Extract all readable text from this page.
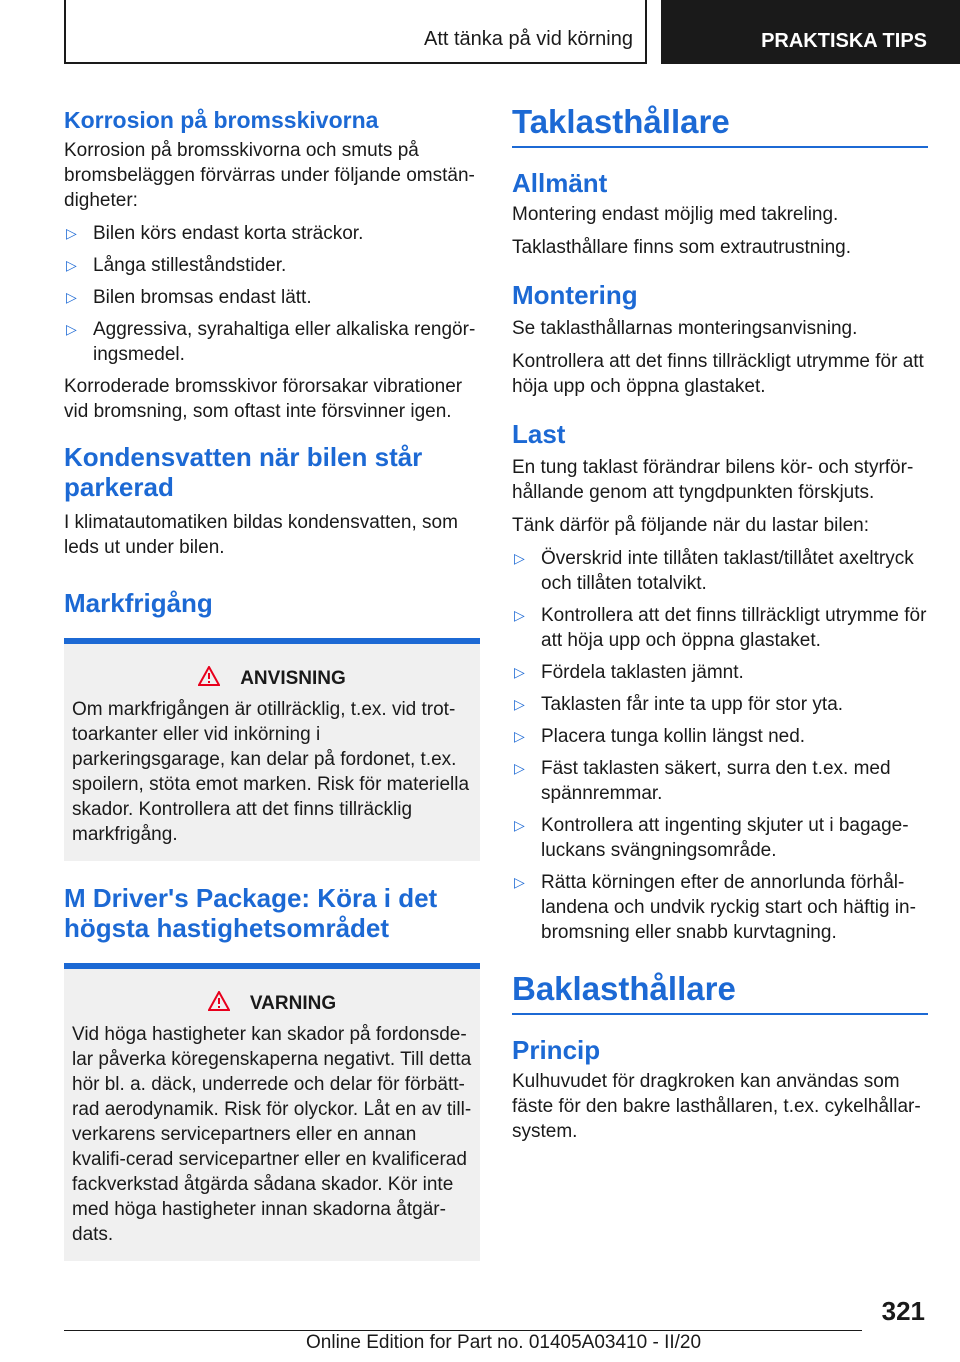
Att tänka på vid körning	PRAKTISKA TIPS
Korrosion på bromsskivorna

Korrosion på bromsskivorna och smuts på bromsbeläggen förvärras under följande omstän-digheter:

▷ Bilen körs endast korta sträckor.
▷ Långa stilleståndstider.
▷ Bilen bromsas endast lätt.
▷ Aggressiva, syrahaltiga eller alkaliska rengör-ingsmedel.

Korroderade bromsskivor förorsakar vibrationer vid bromsning, som oftast inte försvinner igen.

Kondensvatten när bilen står parkerad

I klimatautomatiken bildas kondensvatten, som leds ut under bilen.

Markfrigång
ANVISNING

Om markfrigången är otillräcklig, t.ex. vid trot-toarkanter eller vid inkörning i parkeringsgarage, kan delar på fordonet, t.ex. spoilern, stöta emot marken. Risk för materiella skador. Kontrollera att det finns tillräcklig markfrigång.

M Driver's Package: Köra i det högsta hastighetsområdet
VARNING

Vid höga hastigheter kan skador på fordonsde-lar påverka köregenskaperna negativt. Till detta hör bl. a. däck, underrede och delar för förbätt-rad aerodynamik. Risk för olyckor. Låt en av till-verkarens servicepartners eller en annan kvalifi-cerad servicepartner eller en kvalificerad fackverkstad åtgärda sådana skador. Kör inte med höga hastigheter innan skadorna åtgär-dats.

Taklasthållare
Allmänt

Montering endast möjlig med takreling.

Taklasthållare finns som extrautrustning.

Montering

Se taklasthållarnas monteringsanvisning.

Kontrollera att det finns tillräckligt utrymme för att höja upp och öppna glastaket.

Last

En tung taklast förändrar bilens kör- och styrför-hållande genom att tyngdpunkten förskjuts.

Tänk därför på följande när du lastar bilen:

▷ Överskrid inte tillåten taklast/tillåtet axeltryck och tillåten totalvikt.
▷ Kontrollera att det finns tillräckligt utrymme för att höja upp och öppna glastaket.
▷ Fördela taklasten jämnt.
▷ Taklasten får inte ta upp för stor yta.
▷ Placera tunga kollin längst ned.
▷ Fäst taklasten säkert, surra den t.ex. med spännremmar.
▷ Kontrollera att ingenting skjuter ut i bagage-luckans svängningsområde.
▷ Rätta körningen efter de annorlunda förhål-landena och undvik ryckig start och häftig in-bromsning eller snabb kurvtagning.
Baklasthållare
Princip

Kulhuvudet för dragkroken kan användas som fäste för den bakre lasthållaren, t.ex. cykelhållar-system.

321
Online Edition for Part no. 01405A03410 - II/20
